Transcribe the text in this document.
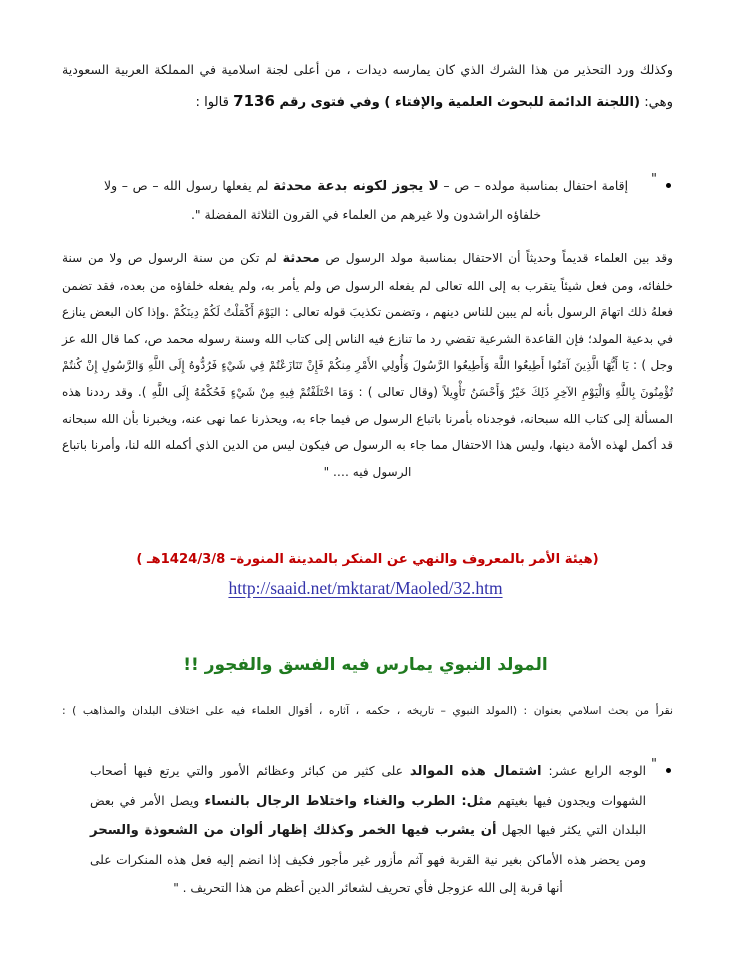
وكذلك ورد التحذير من هذا الشرك الذي كان يمارسه ديدات ، من أعلى لجنة اسلامية في المملكة العربية السعودية
وهي: (اللجنة الدائمة للبحوث العلمية والإفتاء ) وفي فتوى رقم 7136 قالوا :
"
إقامة احتفال بمناسبة مولده – ص – لا يجوز لكونه بدعة محدثة لم يفعلها رسول الله – ص – ولا خلفاؤه الراشدون ولا غيرهم من العلماء في القرون الثلاثة المفضلة ".
وقد بين العلماء قديماً وحديثاً أن الاحتفال بمناسبة مولد الرسول ص محدثة لم تكن من سنة الرسول ص ولا من سنة خلفائه، ومن فعل شيئاً يتقرب به إلى الله تعالى لم يفعله الرسول ص ولم يأمر به، ولم يفعله خلفاؤه من بعده، فقد تضمن فعلهُ ذلك اتهامَ الرسول بأنه لم يبين للناس دينهم ، وتضمن تكذيبَ قوله تعالى : اليَوْمَ أَكْمَلْتُ لَكُمْ دِينَكُمْ .وإذا كان البعض ينازع في بدعية المولد؛ فإن القاعدة الشرعية تقضي رد ما تنازع فيه الناس إلى كتاب الله وسنة رسوله محمد ص، كما قال الله عز وجل ) : يَا أَيُّهَا الَّذِينَ آمَنُوا أَطِيعُوا اللَّهَ وَأَطِيعُوا الرَّسُولَ وَأُولِي الأَمْرِ مِنكُمْ فَإِنْ تَنَازَعْتُمْ فِي شَيْءٍ فَرُدُّوهُ إِلَى اللَّهِ وَالرَّسُولِ إِنْ كُنتُمْ تُؤْمِنُونَ بِاللَّهِ وَالْيَوْمِ الآخِرِ ذَلِكَ خَيْرٌ وَأَحْسَنُ تَأْوِيلاً (وقال تعالى ) : وَمَا اخْتَلَفْتُمْ فِيهِ مِنْ شَيْءٍ فَحُكْمُهُ إِلَى اللَّهِ ). وقد رددنا هذه المسألة إلى كتاب الله سبحانه، فوجدناه بأمرنا باتباع الرسول ص فيما جاء به، ويحذرنا عما نهى عنه، ويخبرنا بأن الله سبحانه قد أكمل لهذه الأمة دينها، وليس هذا الاحتفال مما جاء به الرسول ص فيكون ليس من الدين الذي أكمله الله لنا، وأمرنا باتباع الرسول فيه …. "
(هيئة الأمر بالمعروف والنهي عن المنكر بالمدينة المنورة– 1424/3/8هـ )
http://saaid.net/mktarat/Maoled/32.htm
المولد النبوي يمارس فيه الفسق والفجور !!
نقرأ من بحث اسلامي بعنوان : (المولد النبوي – تاريخه ، حكمه ، آثاره ، أقوال العلماء فيه على اختلاف البلدان والمذاهب ) :
"
الوجه الرابع عشر: اشتمال هذه الموالد على كثير من كبائر وعظائم الأمور والتي يرتع فيها أصحاب الشهوات ويجدون فيها بغيتهم مثل: الطرب والغناء واختلاط الرجال بالنساء ويصل الأمر في بعض البلدان التي يكثر فيها الجهل أن يشرب فيها الخمر وكذلك إظهار ألوان من الشعوذة والسحر ومن يحضر هذه الأماكن بغير نية القربة فهو آثم مأزور غير مأجور فكيف إذا انضم إليه فعل هذه المنكرات على أنها قربة إلى الله عزوجل فأي تحريف لشعائر الدين أعظم من هذا التحريف . "
